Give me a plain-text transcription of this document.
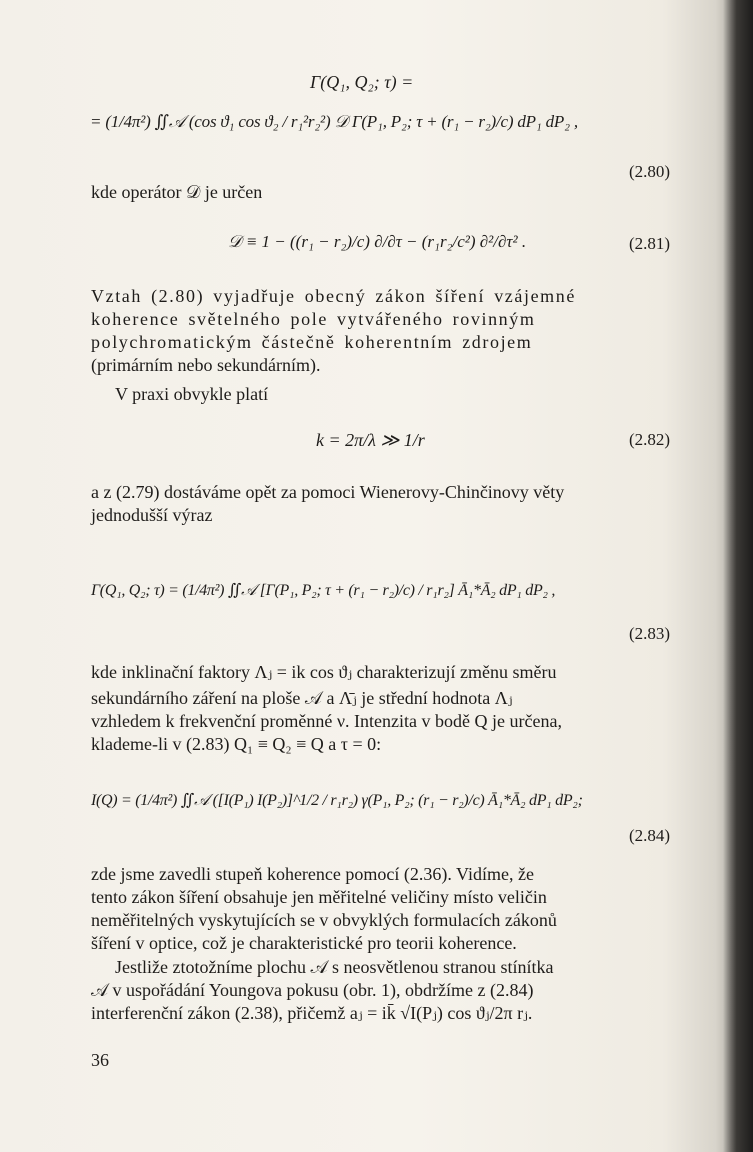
Γ(Q₁, Q₂; τ) =
= (1/4π²) ∬𝒜 (cos ϑ₁ cos ϑ₂ / r₁²r₂²) 𝒟 Γ(P₁, P₂; τ + (r₁ − r₂)/c) dP₁ dP₂ ,
(2.80)
kde operátor 𝒟 je určen
𝒟 ≡ 1 − ((r₁ − r₂)/c) ∂/∂τ − (r₁r₂/c²) ∂²/∂τ² .	(2.81)
Vztah (2.80) vyjadřuje obecný zákon šíření vzájemné
koherence světelného pole vytvářeného rovinným
polychromatickým částečně koherentním zdrojem
(primárním nebo sekundárním).
V praxi obvykle platí
k = 2π/λ ≫ 1/r	(2.82)
a z (2.79) dostáváme opět za pomoci Wienerovy-Chinčinovy věty
jednodušší výraz
Γ(Q₁, Q₂; τ) = (1/4π²) ∬𝒜 [Γ(P₁, P₂; τ + (r₁ − r₂)/c) / r₁r₂] Ā₁*Ā₂ dP₁ dP₂ ,
(2.83)
kde inklinační faktory Λⱼ = ik cos ϑⱼ charakterizují změnu směru
sekundárního záření na ploše 𝒜 a Λ̄ⱼ je střední hodnota Λⱼ
vzhledem k frekvenční proměnné ν. Intenzita v bodě Q je určena,
klademe-li v (2.83) Q₁ ≡ Q₂ ≡ Q a τ = 0:
I(Q) = (1/4π²) ∬𝒜 ([I(P₁) I(P₂)]^1/2 / r₁r₂) γ(P₁, P₂; (r₁ − r₂)/c) Ā₁*Ā₂ dP₁ dP₂;
(2.84)
zde jsme zavedli stupeň koherence pomocí (2.36). Vidíme, že
tento zákon šíření obsahuje jen měřitelné veličiny místo veličin
neměřitelných vyskytujících se v obvyklých formulacích zákonů
šíření v optice, což je charakteristické pro teorii koherence.
Jestliže ztotožníme plochu 𝒜 s neosvětlenou stranou stínítka
𝒜 v uspořádání Youngova pokusu (obr. 1), obdržíme z (2.84)
interferenční zákon (2.38), přičemž aⱼ = ik̄ √I(Pⱼ) cos ϑⱼ/2π rⱼ.
36
